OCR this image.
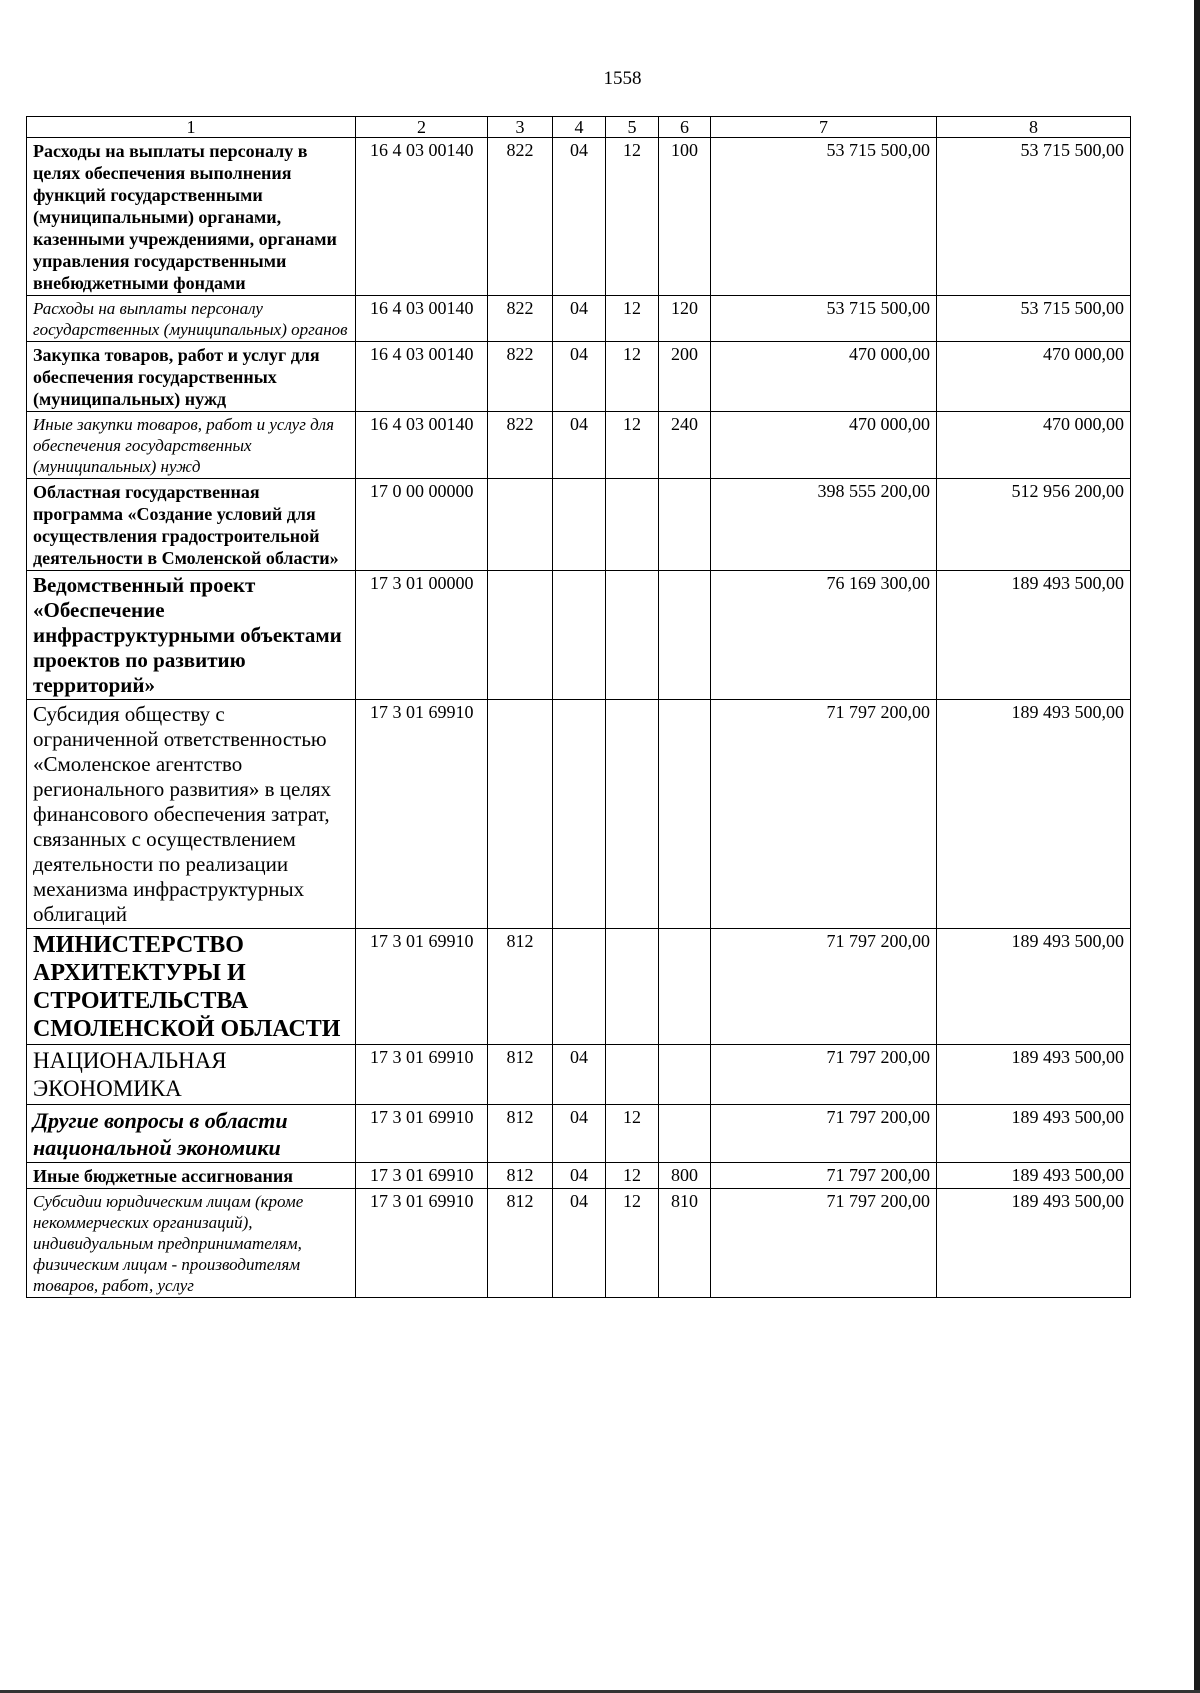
1558
1	2	3	4	5	6	7	8
Расходы на выплаты персоналу в целях обеспечения выполнения функций государственными (муниципальными) органами, казенными учреждениями, органами управления государственными внебюджетными фондами	16 4 03 00140	822	04	12	100	53 715 500,00	53 715 500,00
Расходы на выплаты персоналу государственных (муниципальных) органов	16 4 03 00140	822	04	12	120	53 715 500,00	53 715 500,00
Закупка товаров, работ и услуг для обеспечения государственных (муниципальных) нужд	16 4 03 00140	822	04	12	200	470 000,00	470 000,00
Иные закупки товаров, работ и услуг для обеспечения государственных (муниципальных) нужд	16 4 03 00140	822	04	12	240	470 000,00	470 000,00
Областная государственная программа «Создание условий для осуществления градостроительной деятельности в Смоленской области»	17 0 00 00000					398 555 200,00	512 956 200,00
Ведомственный проект «Обеспечение инфраструктурными объектами проектов по развитию территорий»	17 3 01 00000					76 169 300,00	189 493 500,00
Субсидия обществу с ограниченной ответственностью «Смоленское агентство регионального развития» в целях финансового обеспечения затрат, связанных с осуществлением деятельности по реализации механизма инфраструктурных облигаций	17 3 01 69910					71 797 200,00	189 493 500,00
МИНИСТЕРСТВО АРХИТЕКТУРЫ И СТРОИТЕЛЬСТВА СМОЛЕНСКОЙ ОБЛАСТИ	17 3 01 69910	812				71 797 200,00	189 493 500,00
НАЦИОНАЛЬНАЯ ЭКОНОМИКА	17 3 01 69910	812	04			71 797 200,00	189 493 500,00
Другие вопросы в области национальной экономики	17 3 01 69910	812	04	12		71 797 200,00	189 493 500,00
Иные бюджетные ассигнования	17 3 01 69910	812	04	12	800	71 797 200,00	189 493 500,00
Субсидии юридическим лицам (кроме некоммерческих организаций), индивидуальным предпринимателям, физическим лицам - производителям товаров, работ, услуг	17 3 01 69910	812	04	12	810	71 797 200,00	189 493 500,00
